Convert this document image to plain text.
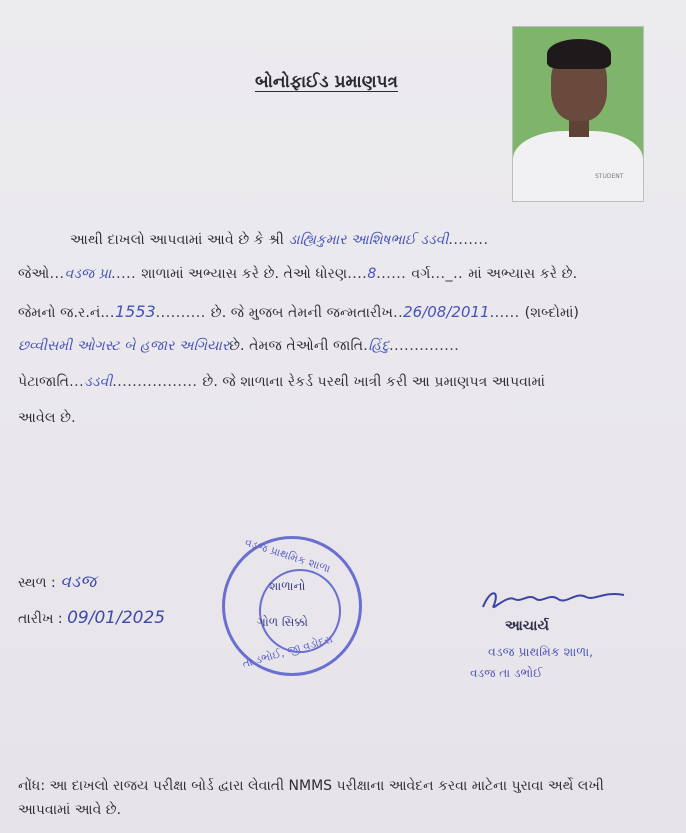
બોનોફાઈડ પ્રમાણપત્ર
STUDENT
આથી દાખલો આપવામાં આવે છે કે શ્રી ડાહ્યિકુમાર આશિષભાઈ ડડવી........
જેઓ...વડજ પ્રા..... શાળામાં અભ્યાસ કરે છે. તેઓ ધોરણ....8...... વર્ગ..._.. માં અભ્યાસ કરે છે.
જેમનો જ.ર.નં...1553.......... છે. જે મુજબ તેમની જન્મતારીખ..26/08/2011...... (શબ્દોમાં)
છવ્વીસમી ઓગસ્ટ બે હજાર અગિયારછે. તેમજ તેઓની જાતિ.હિંદુ..............
પેટાજાતિ...ડડવી................. છે. જે શાળાના રેકર્ડ પરથી ખાત્રી કરી આ પ્રમાણપત્ર આપવામાં
આવેલ છે.
સ્થળ : વડજ
તારીખ : 09/01/2025
વડજ પ્રાથમિક શાળા
તા ડભોઈ, જી વડોદરા
શાળાનો
ગોળ સિક્કો	આચાર્ય
વડજ પ્રાથમિક શાળા,
વડજ તા ડભોઈ
નોંધ: આ દાખલો રાજય પરીક્ષા બોર્ડ દ્વારા લેવાતી NMMS પરીક્ષાના આવેદન કરવા માટેના પુરાવા અર્થે લખી આપવામાં આવે છે.
